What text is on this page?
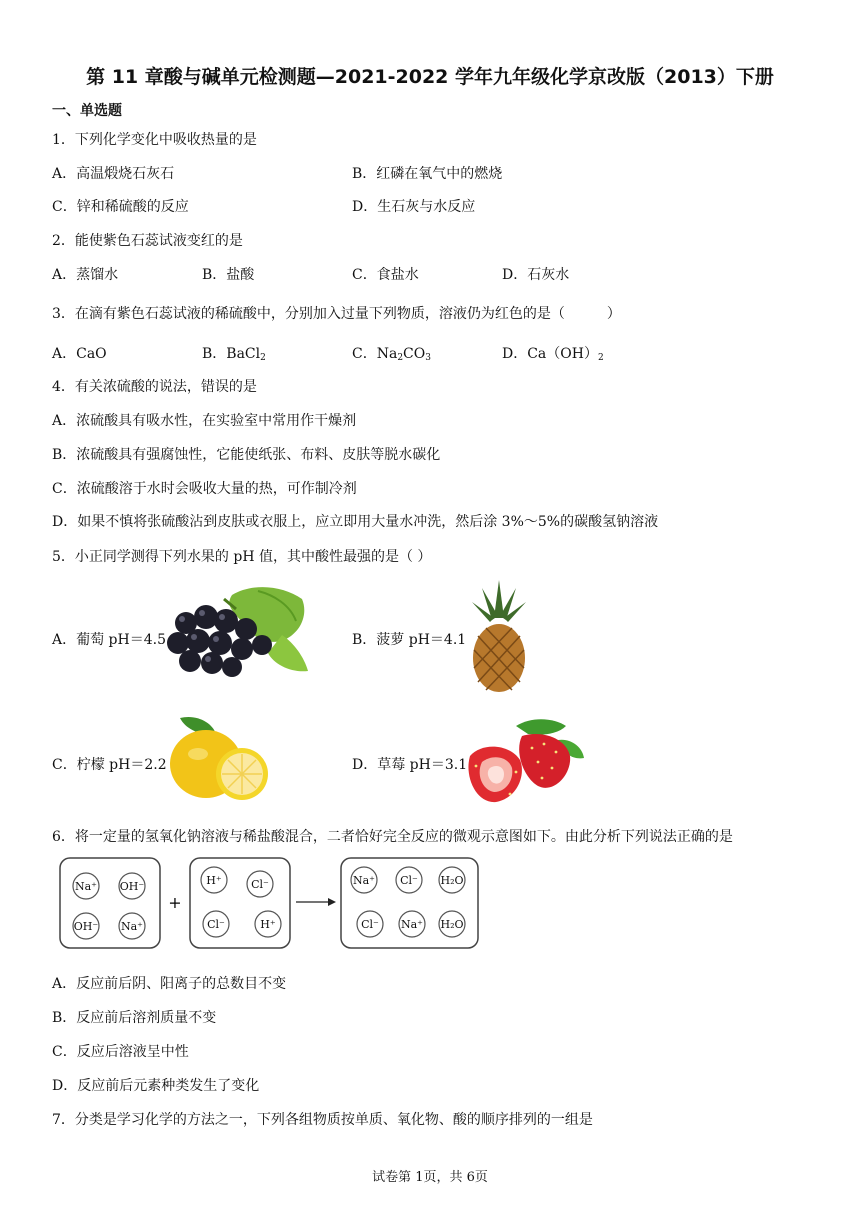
第 11 章酸与碱单元检测题—2021-2022 学年九年级化学京改版（2013）下册
一、单选题
1．下列化学变化中吸收热量的是
A．高温煅烧石灰石	B．红磷在氧气中的燃烧
C．锌和稀硫酸的反应	D．生石灰与水反应
2．能使紫色石蕊试液变红的是
A．蒸馏水	B．盐酸	C．食盐水	D．石灰水
3．在滴有紫色石蕊试液的稀硫酸中，分别加入过量下列物质，溶液仍为红色的是（　　　）
A．CaO	B．BaCl$_2$	C．$Na_2CO_3$	D．$Ca(OH)_2$
4．有关浓硫酸的说法，错误的是
A．浓硫酸具有吸水性，在实验室中常用作干燥剂
B．浓硫酸具有强腐蚀性，它能使纸张、布料、皮肤等脱水碳化
C．浓硫酸溶于水时会吸收大量的热，可作制冷剂
D．如果不慎将张硫酸沾到皮肤或衣服上，应立即用大量水冲洗，然后涂 3%～5%的碳酸氢钠溶液
5．小正同学测得下列水果的 pH 值，其中酸性最强的是（ ）
A．葡萄 pH＝4.5	B．菠萝 pH＝4.1
C．柠檬 pH＝2.2	D．草莓 pH＝3.1
6．将一定量的氢氧化钠溶液与稀盐酸混合，二者恰好完全反应的微观示意图如下。由此分析下列说法正确的是
Na⁺ OH⁻
OH⁻ Na⁺
H⁺	Cl⁻
Cl⁻	H⁺
Na⁺ Cl⁻ H₂O
Cl⁻ Na⁺ H₂O
+
A．反应前后阴、阳离子的总数目不变
B．反应前后溶剂质量不变
C．反应后溶液呈中性
D．反应前后元素种类发生了变化
7．分类是学习化学的方法之一，下列各组物质按单质、氧化物、酸的顺序排列的一组是
试卷第 1页，共 6页
